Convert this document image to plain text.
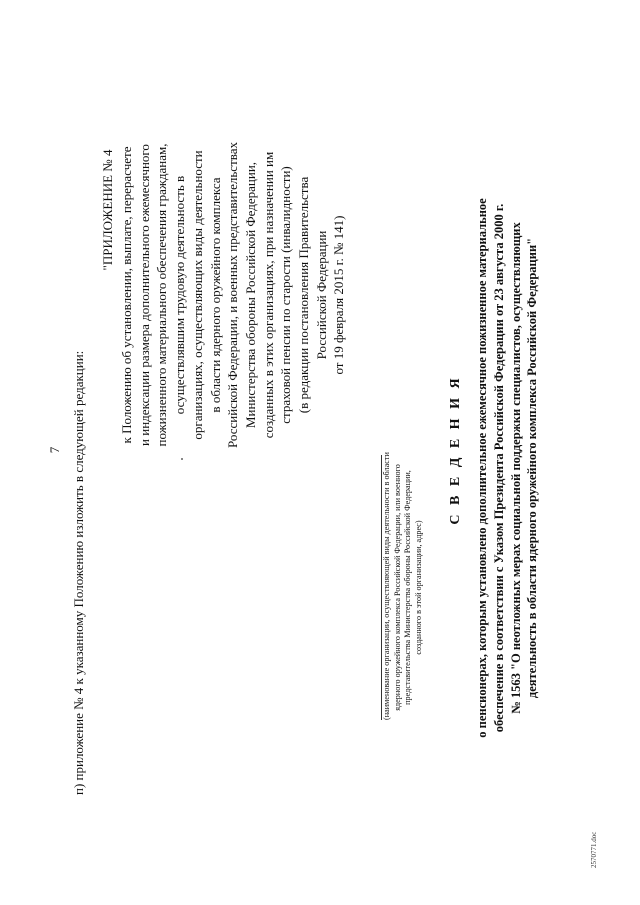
7 п) приложение № 4 к указанному Положению изложить в следующей редакции:
"ПРИЛОЖЕНИЕ № 4 к Положению об установлении, выплате, перерасчете и индексации размера дополнительного ежемесячного пожизненного материального обеспечения гражданам, осуществлявшим трудовую деятельность в организациях, осуществляющих виды деятельности в области ядерного оружейного комплекса Российской Федерации, и военных представительствах Министерства обороны Российской Федерации, созданных в этих организациях, при назначении им страховой пенсии по старости (инвалидности) (в редакции постановления Правительства Российской Федерации от 19 февраля 2015 г. № 141)
(наименование организации, осуществляющей виды деятельности в области ядерного оружейного комплекса Российской Федерации, или военного представительства Министерства обороны Российской Федерации, созданного в этой организации, адрес)
С В Е Д Е Н И Я о пенсионерах, которым установлено дополнительное ежемесячное пожизненное материальное обеспечение в соответствии с Указом Президента Российской Федерации от 23 августа 2000 г. № 1563 "О неотложных мерах социальной поддержки специалистов, осуществляющих деятельность в области ядерного оружейного комплекса Российской Федерации"
2570771.doc
